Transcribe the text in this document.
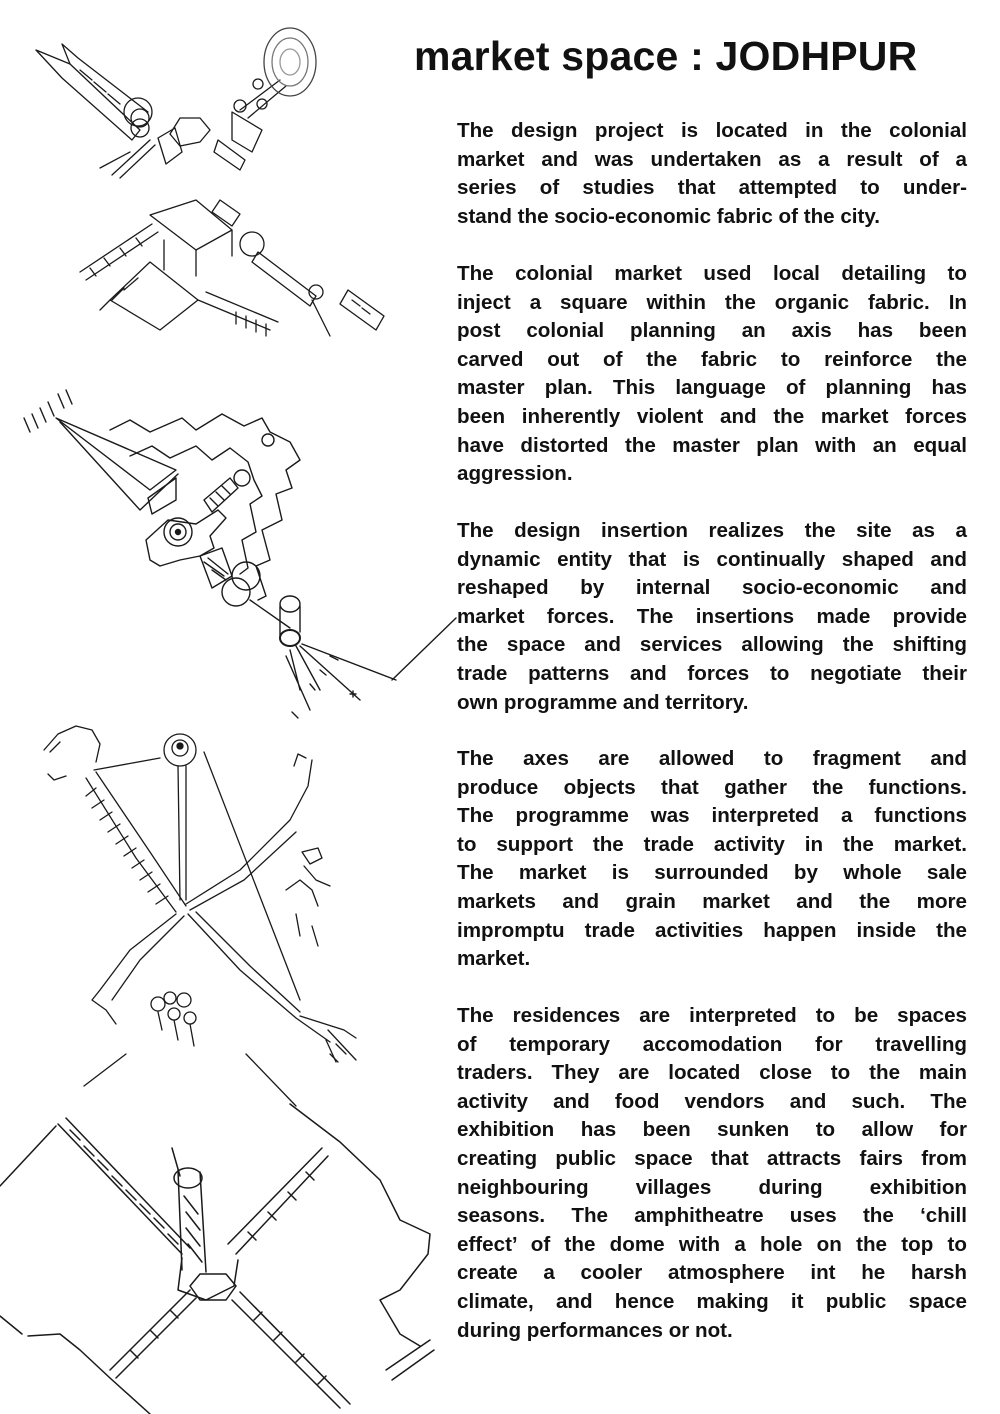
market space : JODHPUR
The design project is located in the colonial
market and was undertaken as a result of a
series of studies that attempted to under-
stand the socio-economic fabric of the city.
The colonial market used local detailing to
inject a square within the organic fabric. In
post colonial planning an axis has been
carved out of the fabric to reinforce the
master plan. This language of planning has
been inherently violent and the market forces
have distorted the master plan with an equal
aggression.
The design insertion realizes the site as a
dynamic entity that is continually shaped and
reshaped by internal socio-economic and
market forces. The insertions made provide
the space and services allowing the shifting
trade patterns and forces to negotiate their
own programme and territory.
The axes are allowed to fragment and
produce objects that gather the functions.
The programme was interpreted a functions
to support the trade activity in the market.
The market is surrounded by whole sale
markets and grain market and the more
impromptu trade activities happen inside the
market.
The residences are interpreted to be spaces
of temporary accomodation for travelling
traders. They are located close to the main
activity and food vendors and such. The
exhibition has been sunken to allow for
creating public space that attracts fairs from
neighbouring villages during exhibition
seasons. The amphitheatre uses the ‘chill
effect’ of the dome with a hole on the top to
create a cooler atmosphere int he harsh
climate, and hence making it public space
during performances or not.
